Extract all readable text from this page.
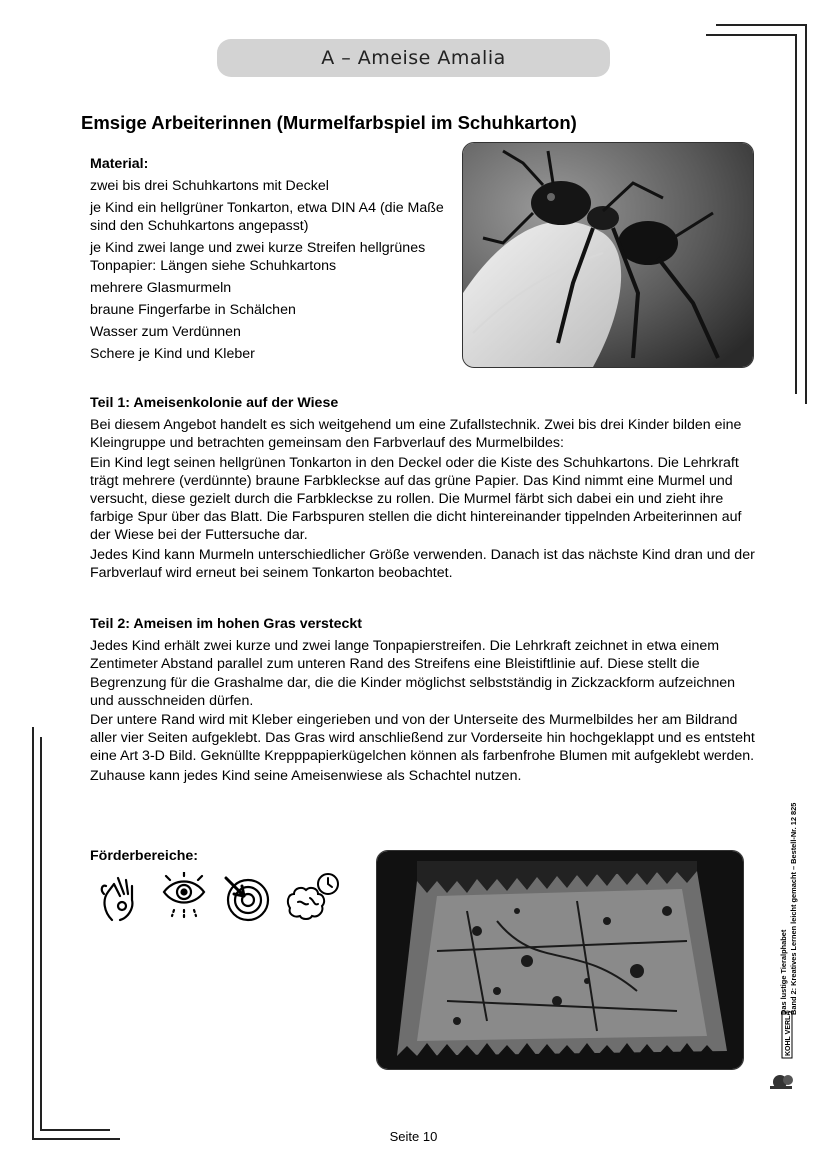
A – Ameise Amalia
Emsige Arbeiterinnen (Murmelfarbspiel im Schuhkarton)
Material:
zwei bis drei Schuhkartons mit Deckel
je Kind ein hellgrüner Tonkarton, etwa DIN A4 (die Maße sind den Schuhkartons angepasst)
je Kind zwei lange und zwei kurze Streifen hellgrünes Tonpapier: Längen siehe Schuhkartons
mehrere Glasmurmeln
braune Fingerfarbe in Schälchen
Wasser zum Verdünnen
Schere je Kind und Kleber
Teil 1: Ameisenkolonie auf der Wiese

Bei diesem Angebot handelt es sich weitgehend um eine Zufallstechnik. Zwei bis drei Kinder bilden eine Kleingruppe und betrachten gemeinsam den Farbverlauf des Murmelbildes:

Ein Kind legt seinen hellgrünen Tonkarton in den Deckel oder die Kiste des Schuhkartons. Die Lehrkraft trägt mehrere (verdünnte) braune Farbkleckse auf das grüne Papier. Das Kind nimmt eine Murmel und versucht, diese gezielt durch die Farbkleckse zu rollen. Die Murmel färbt sich dabei ein und zieht ihre farbige Spur über das Blatt. Die Farbspuren stellen die dicht hintereinander tippelnden Arbeiterinnen auf der Wiese bei der Futtersuche dar.

Jedes Kind kann Murmeln unterschiedlicher Größe verwenden. Danach ist das nächste Kind dran und der Farbverlauf wird erneut bei seinem Tonkarton beobachtet.

Teil 2: Ameisen im hohen Gras versteckt

Jedes Kind erhält zwei kurze und zwei lange Tonpapierstreifen. Die Lehrkraft zeichnet in etwa einem Zentimeter Abstand parallel zum unteren Rand des Streifens eine Bleistiftlinie auf. Diese stellt die Begrenzung für die Grashalme dar, die die Kinder möglichst selbstständig in Zickzackform aufzeichnen und ausschneiden dürfen.

Der untere Rand wird mit Kleber eingerieben und von der Unterseite des Murmelbildes her am Bildrand aller vier Seiten aufgeklebt. Das Gras wird anschließend zur Vorderseite hin hochgeklappt und es entsteht eine Art 3-D Bild. Geknüllte Krepppapierkügelchen können als farbenfrohe Blumen mit aufgeklebt werden.

Zuhause kann jedes Kind seine Ameisenwiese als Schachtel nutzen.

Förderbereiche:
Das lustige Tieralphabet Band 2: Kreatives Lernen leicht gemacht – Bestell-Nr. 12 825
KOHL VERLAG
Seite 10
